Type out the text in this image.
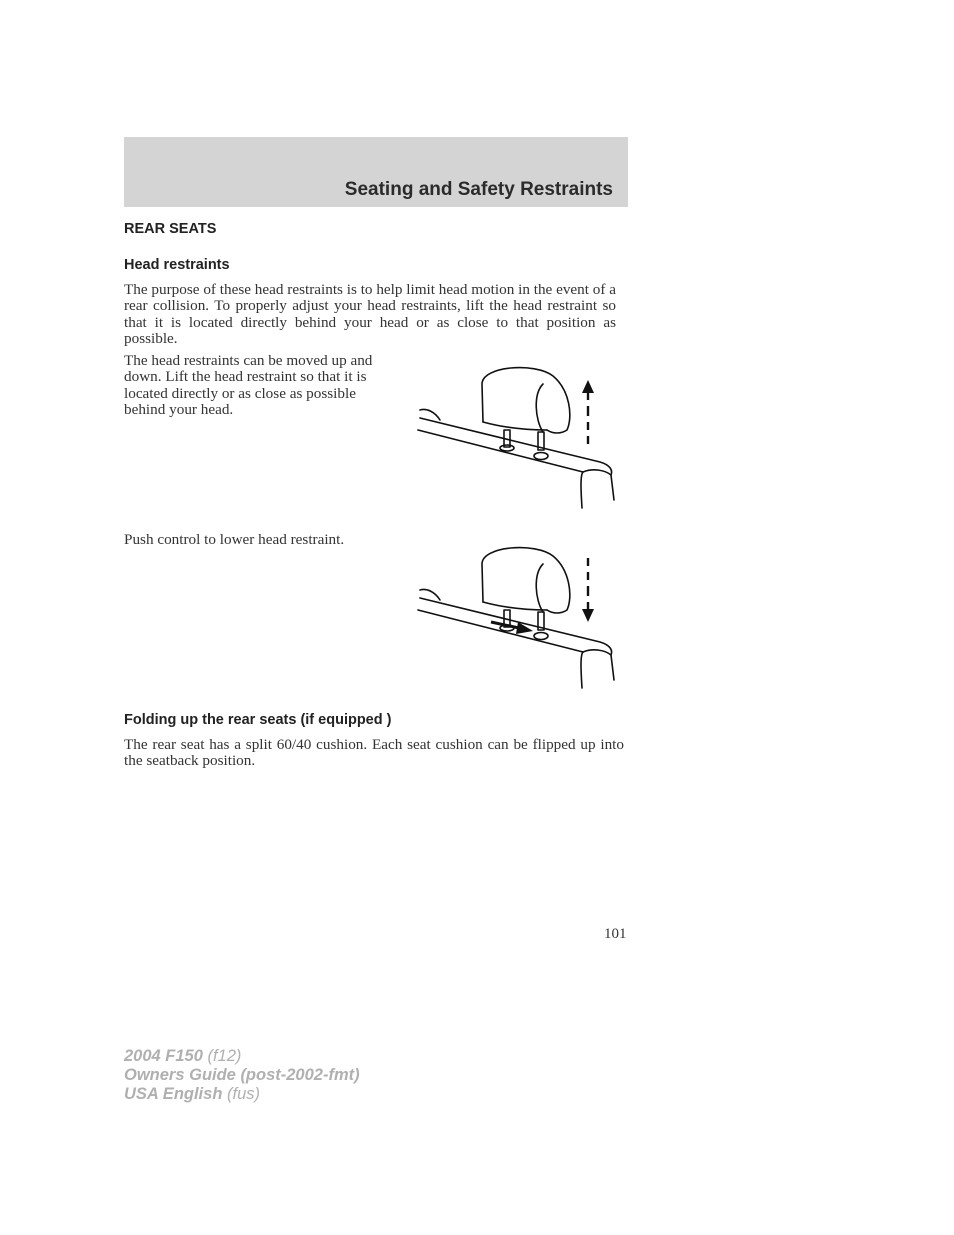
Seating and Safety Restraints
REAR SEATS
Head restraints
The purpose of these head restraints is to help limit head motion in the event of a rear collision. To properly adjust your head restraints, lift the head restraint so that it is located directly behind your head or as close to that position as possible.
The head restraints can be moved up and down. Lift the head restraint so that it is located directly or as close as possible behind your head.
Push control to lower head restraint.
Folding up the rear seats (if equipped )
The rear seat has a split 60/40 cushion. Each seat cushion can be flipped up into the seatback position.
101
2004 F150 (f12)
Owners Guide (post-2002-fmt)
USA English (fus)
